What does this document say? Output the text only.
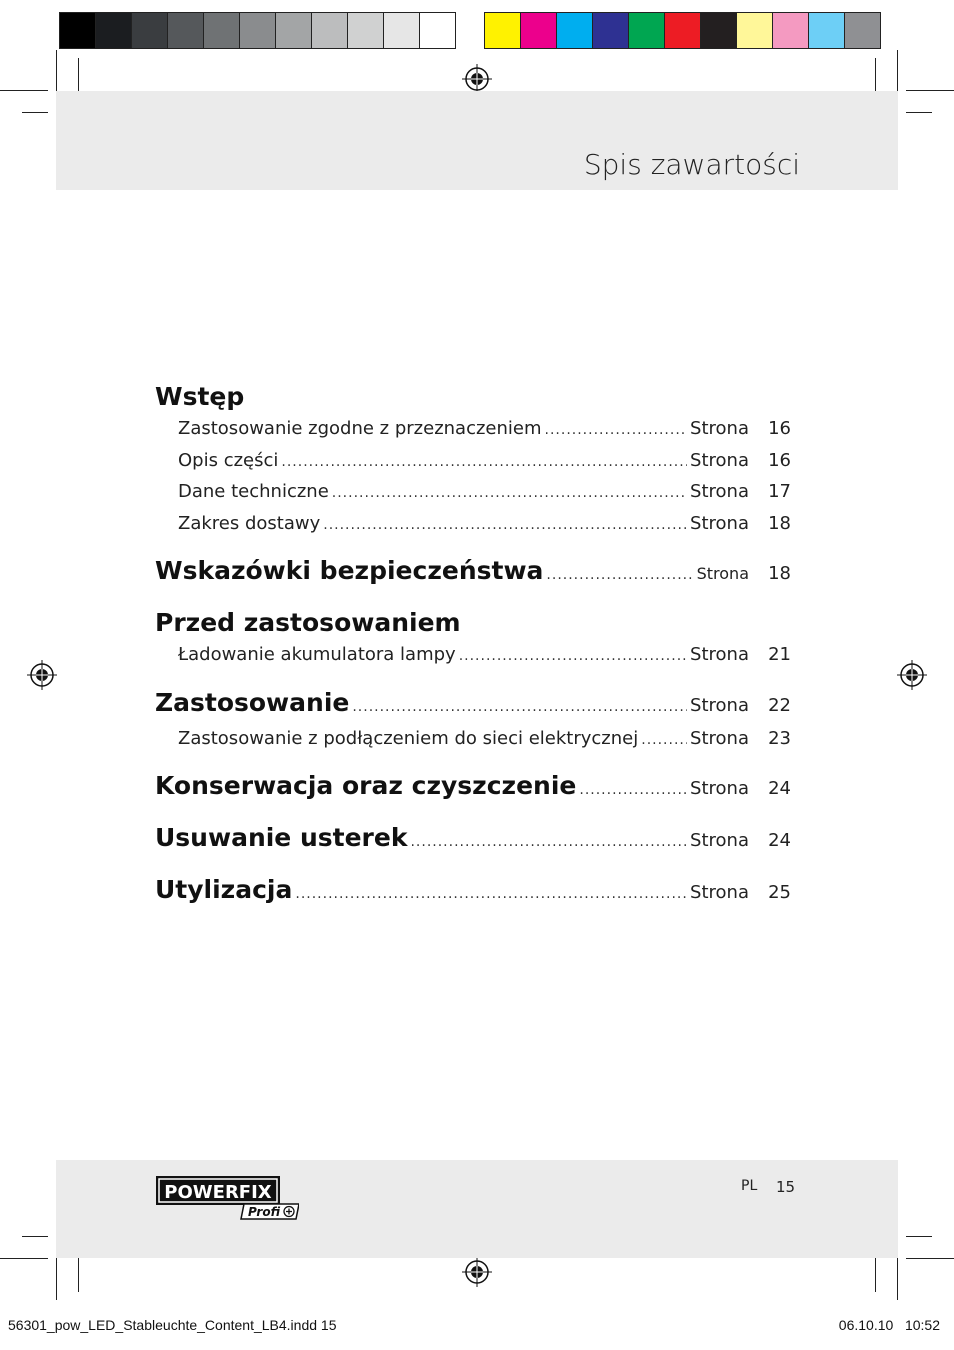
Spis zawartości
Wstęp
Zastosowanie zgodne z przeznaczeniem .....	Strona	16
Opis części .....	Strona	16
Dane techniczne .....	Strona	17
Zakres dostawy .....	Strona	18
Wskazówki bezpieczeństwa .....	Strona	18
Przed zastosowaniem
Ładowanie akumulatora lampy .....	Strona	21
Zastosowanie .....	Strona	22
Zastosowanie z podłączeniem do sieci elektrycznej .....	Strona	23
Konserwacja oraz czyszczenie .....	Strona	24
Usuwanie usterek .....	Strona	24
Utylizacja .....	Strona	25
POWERFIX
Profi
PL 15
56301_pow_LED_Stableuchte_Content_LB4.indd 15	06.10.10 10:52
